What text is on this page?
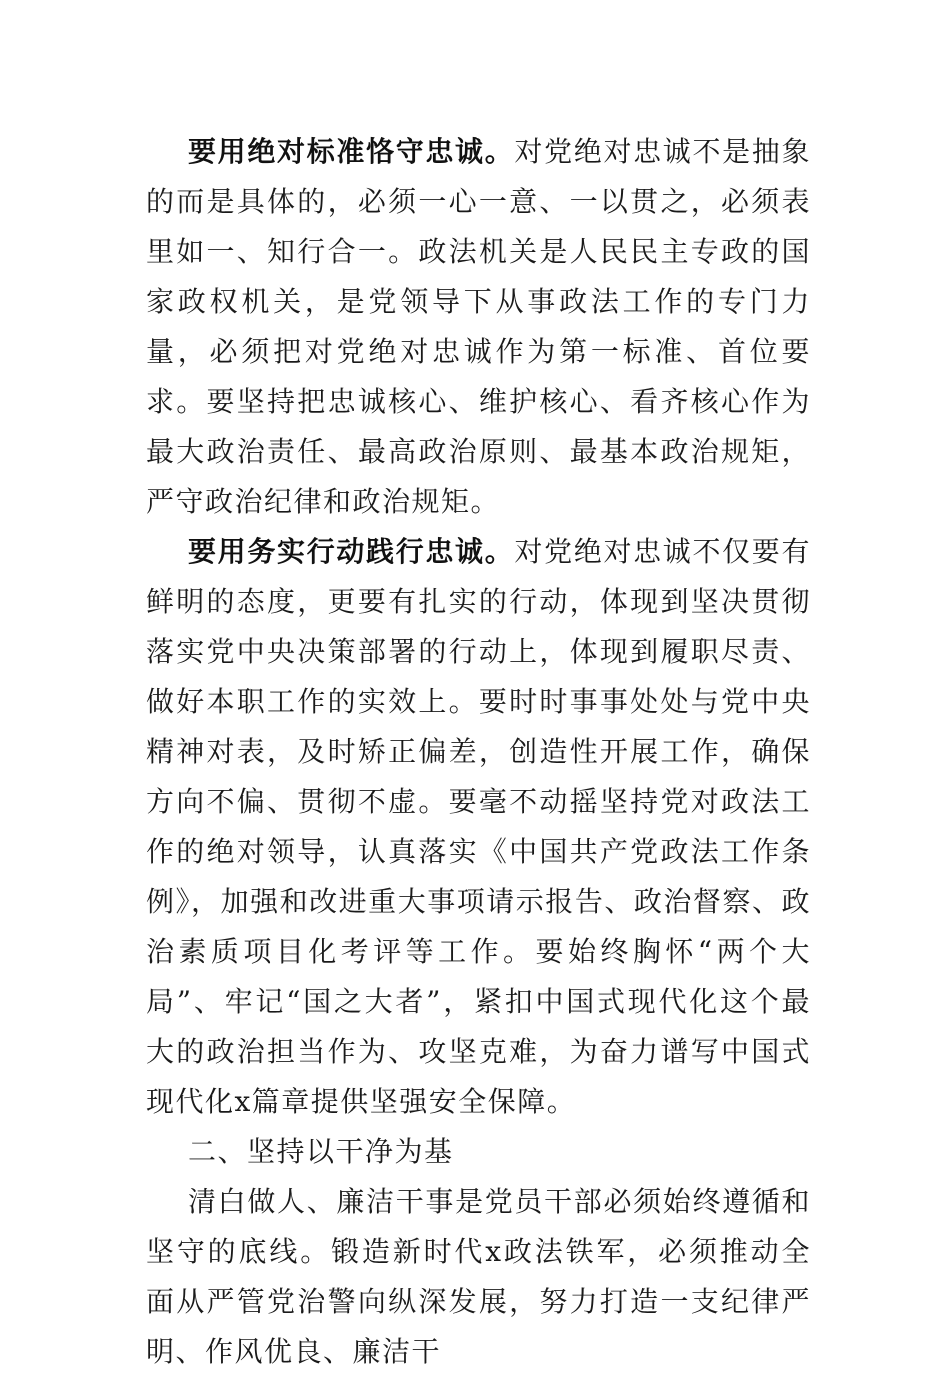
要用绝对标准恪守忠诚。对党绝对忠诚不是抽象的而是具体的，必须一心一意、一以贯之，必须表里如一、知行合一。政法机关是人民民主专政的国家政权机关，是党领导下从事政法工作的专门力量，必须把对党绝对忠诚作为第一标准、首位要求。要坚持把忠诚核心、维护核心、看齐核心作为最大政治责任、最高政治原则、最基本政治规矩，严守政治纪律和政治规矩。

要用务实行动践行忠诚。对党绝对忠诚不仅要有鲜明的态度，更要有扎实的行动，体现到坚决贯彻落实党中央决策部署的行动上，体现到履职尽责、做好本职工作的实效上。要时时事事处处与党中央精神对表，及时矫正偏差，创造性开展工作，确保方向不偏、贯彻不虚。要毫不动摇坚持党对政法工作的绝对领导，认真落实《中国共产党政法工作条例》，加强和改进重大事项请示报告、政治督察、政治素质项目化考评等工作。要始终胸怀“两个大局”、牢记“国之大者”，紧扣中国式现代化这个最大的政治担当作为、攻坚克难，为奋力谱写中国式现代化x篇章提供坚强安全保障。

二、坚持以干净为基

清白做人、廉洁干事是党员干部必须始终遵循和坚守的底线。锻造新时代x政法铁军，必须推动全面从严管党治警向纵深发展，努力打造一支纪律严明、作风优良、廉洁干
